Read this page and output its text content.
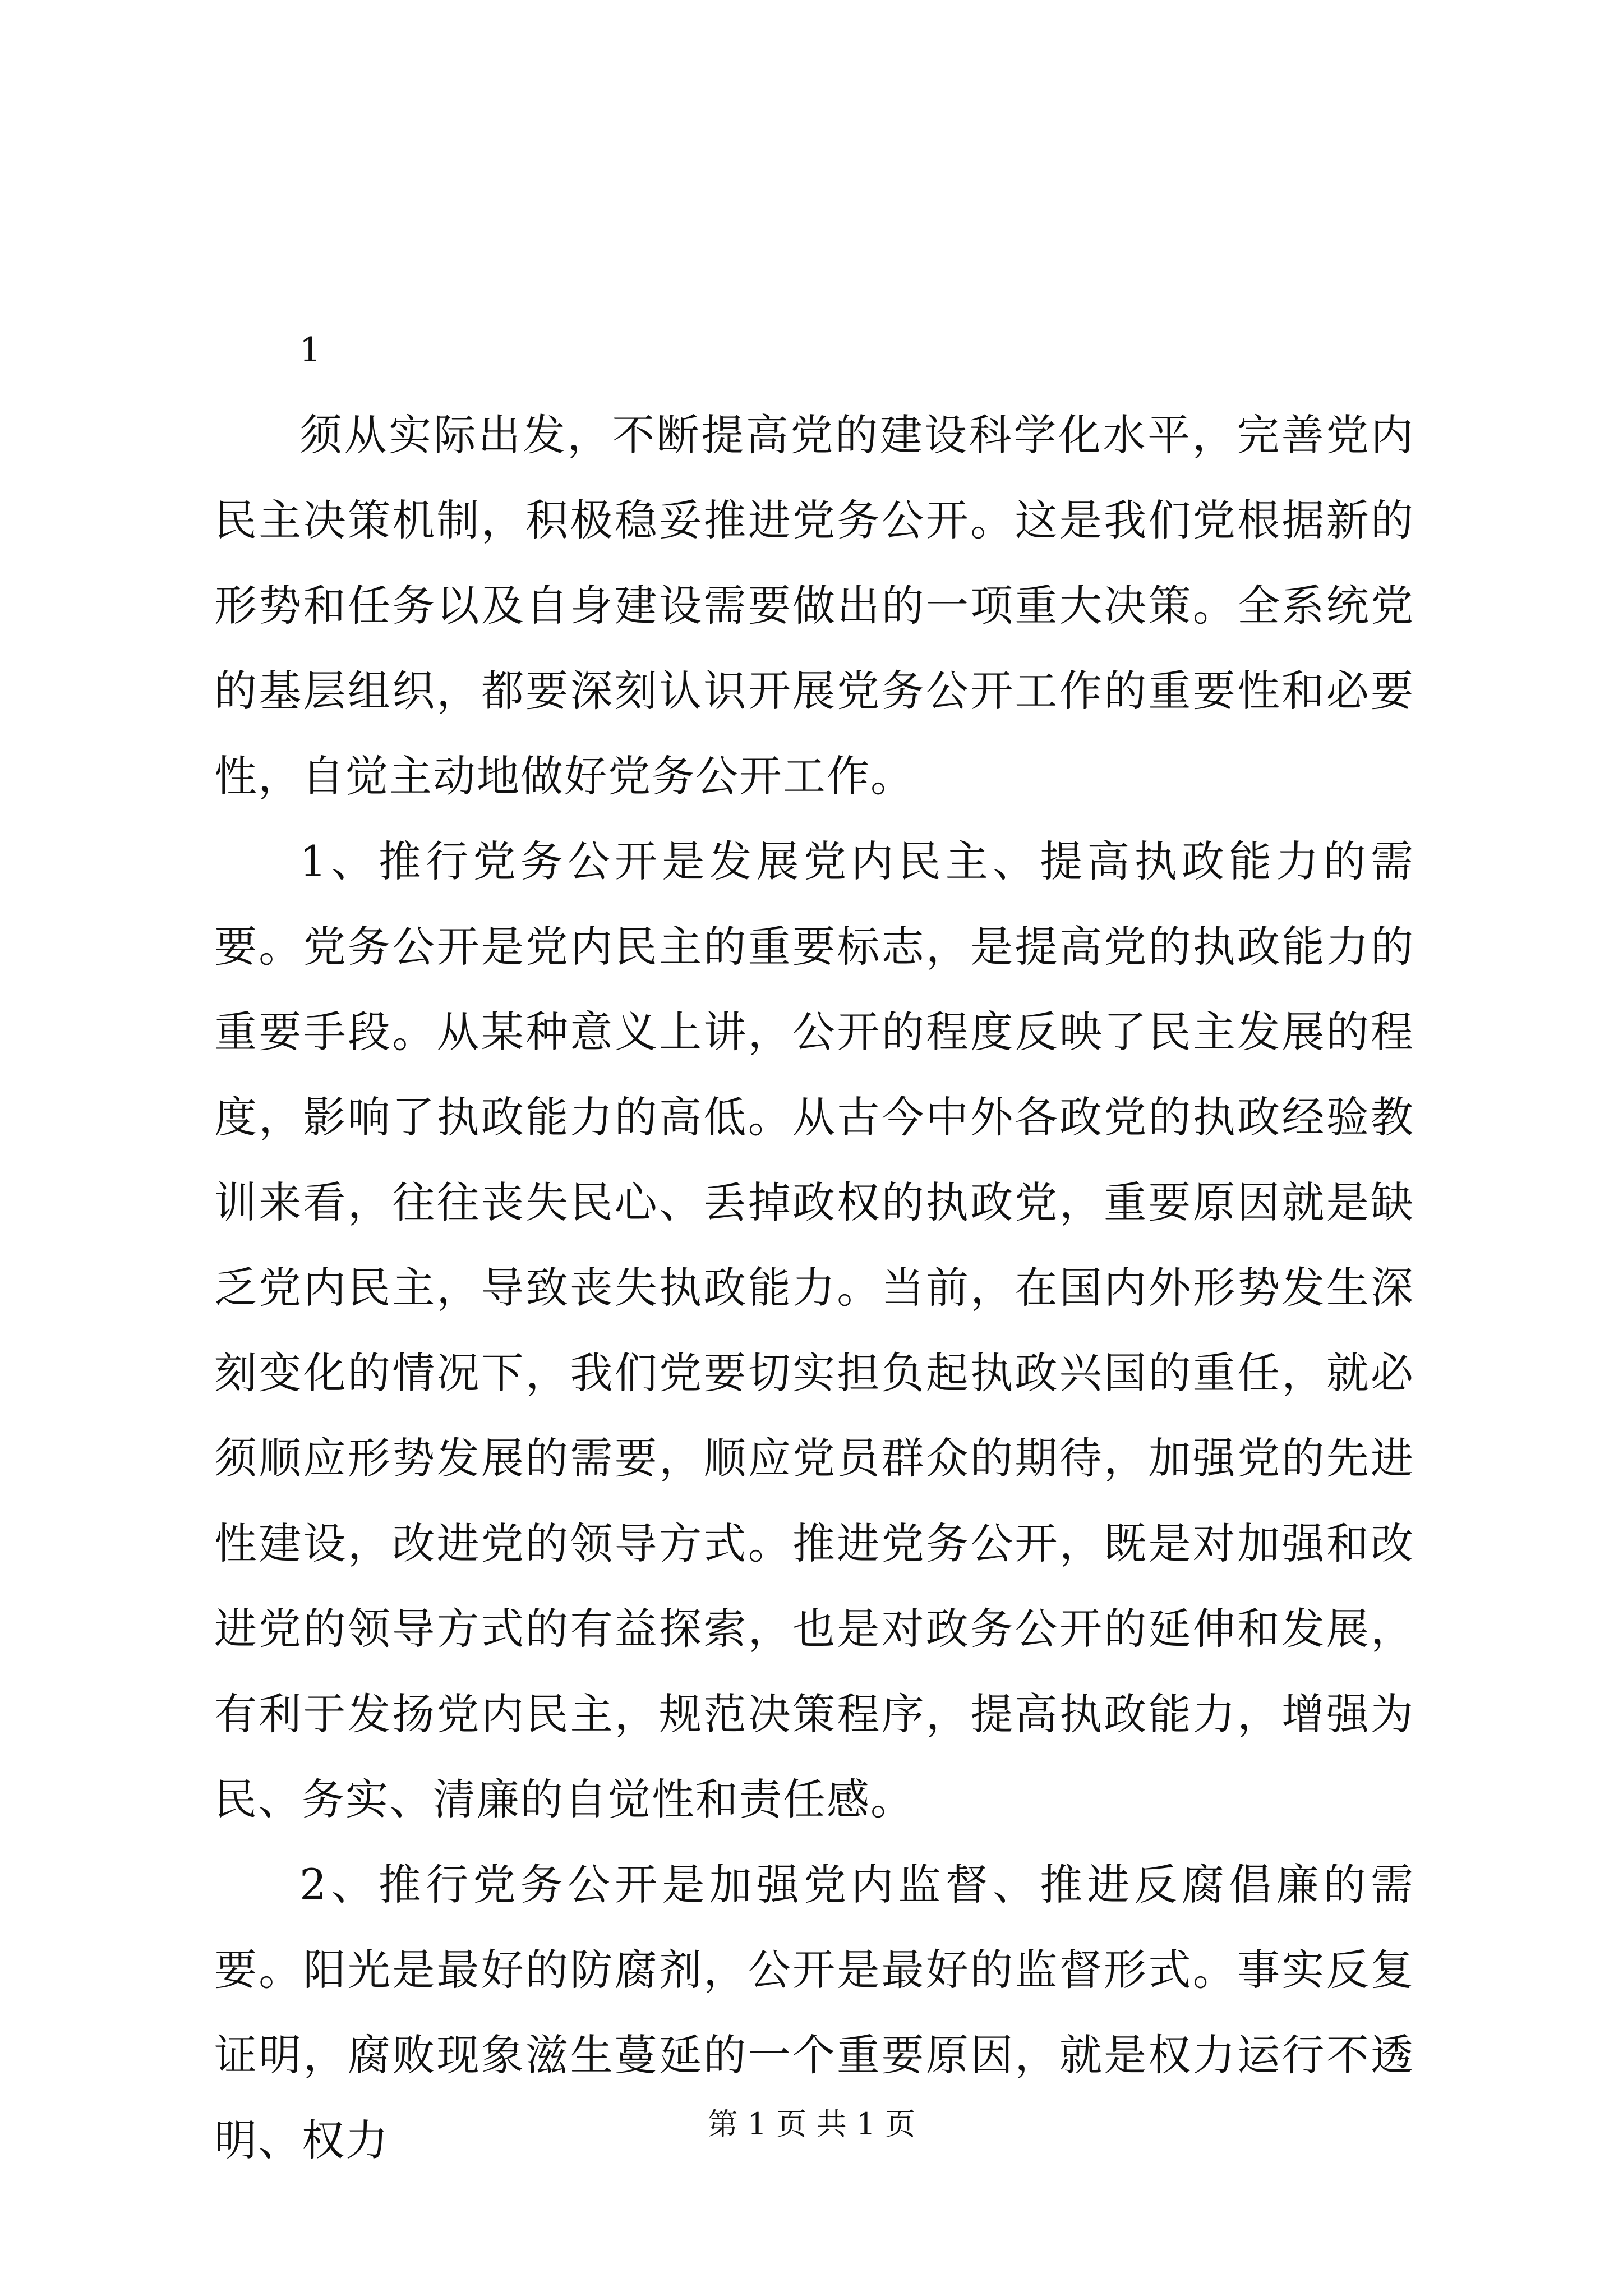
1

须从实际出发，不断提高党的建设科学化水平，完善党内民主决策机制，积极稳妥推进党务公开。这是我们党根据新的形势和任务以及自身建设需要做出的一项重大决策。全系统党的基层组织，都要深刻认识开展党务公开工作的重要性和必要性，自觉主动地做好党务公开工作。

1、推行党务公开是发展党内民主、提高执政能力的需要。党务公开是党内民主的重要标志，是提高党的执政能力的重要手段。从某种意义上讲，公开的程度反映了民主发展的程度，影响了执政能力的高低。从古今中外各政党的执政经验教训来看，往往丧失民心、丢掉政权的执政党，重要原因就是缺乏党内民主，导致丧失执政能力。当前，在国内外形势发生深刻变化的情况下，我们党要切实担负起执政兴国的重任，就必须顺应形势发展的需要，顺应党员群众的期待，加强党的先进性建设，改进党的领导方式。推进党务公开，既是对加强和改进党的领导方式的有益探索，也是对政务公开的延伸和发展，有利于发扬党内民主，规范决策程序，提高执政能力，增强为民、务实、清廉的自觉性和责任感。

2、推行党务公开是加强党内监督、推进反腐倡廉的需要。阳光是最好的防腐剂，公开是最好的监督形式。事实反复证明，腐败现象滋生蔓延的一个重要原因，就是权力运行不透明、权力	第 1 页 共 1 页
